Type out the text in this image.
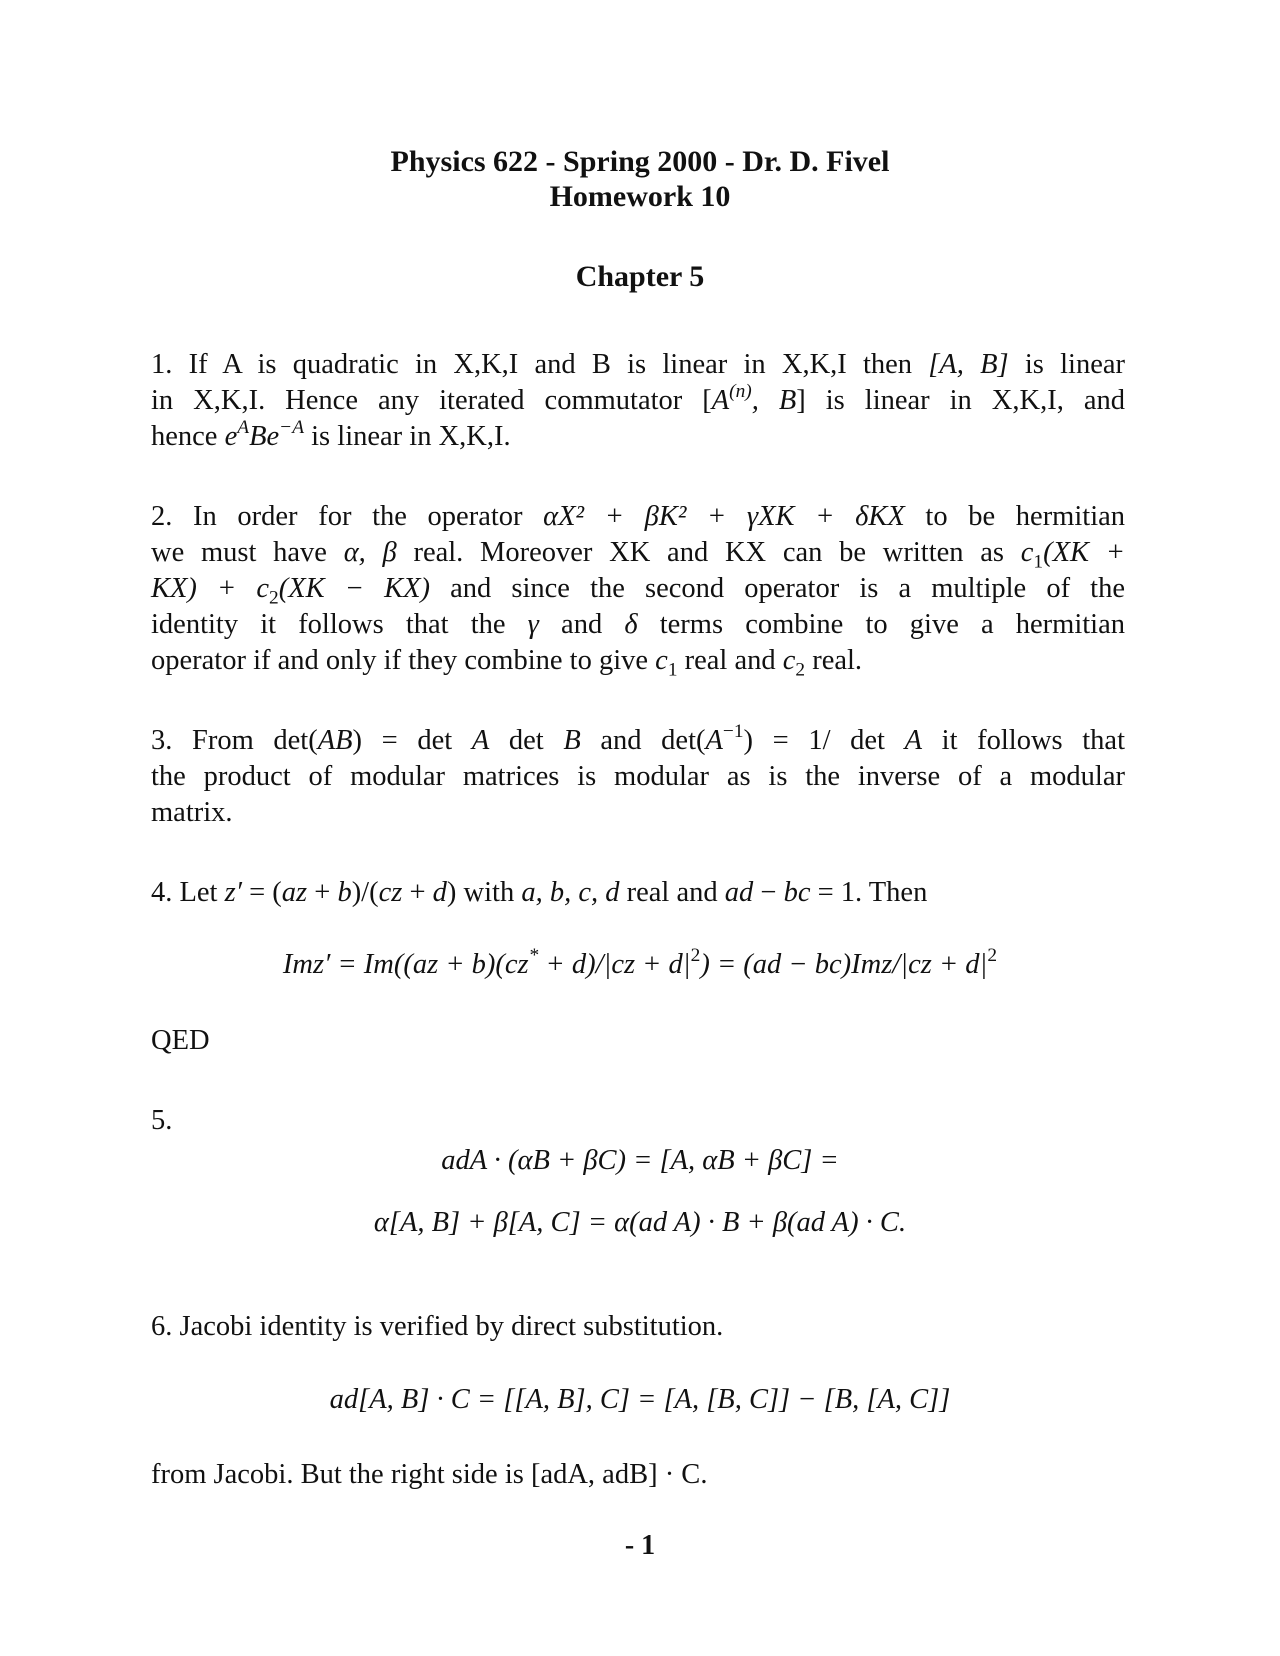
Physics 622 - Spring 2000 - Dr. D. Fivel
Homework 10
Chapter 5
1. If A is quadratic in X,K,I and B is linear in X,K,I then [A, B] is linear
in X,K,I. Hence any iterated commutator [$A^{(n)}$, B] is linear in X,K,I, and
hence $e^ABe^{-A}$ is linear in X,K,I.
2. In order for the operator αX² + βK² + γXK + δKX to be hermitian
we must have α, β real. Moreover XK and KX can be written as $c_1(XK$ +
$KX) + c_2(XK - KX)$ and since the second operator is a multiple of the
identity it follows that the γ and δ terms combine to give a hermitian
operator if and only if they combine to give $c_1$ real and $c_2$ real.
3. From det(AB) = det A det B and $\det(A^{-1}) = 1/$ det A it follows that
the product of modular matrices is modular as is the inverse of a modular
matrix.
4. Let z′ = (az + b)/(cz + d) with a, b, c, d real and ad − bc = 1. Then
$Imz' = Im((az + b)(cz^* + d)/|cz + d|^2) = (ad - bc)Imz/|cz + d|^2$
QED
5.
adA · (αB + βC) = [A, αB + βC] =
α[A, B] + β[A, C] = α(ad A) · B + β(ad A) · C.
6. Jacobi identity is verified by direct substitution.
ad[A, B] · C = [[A, B], C] = [A, [B, C]] − [B, [A, C]]
from Jacobi. But the right side is [adA, adB] · C.
- 1
